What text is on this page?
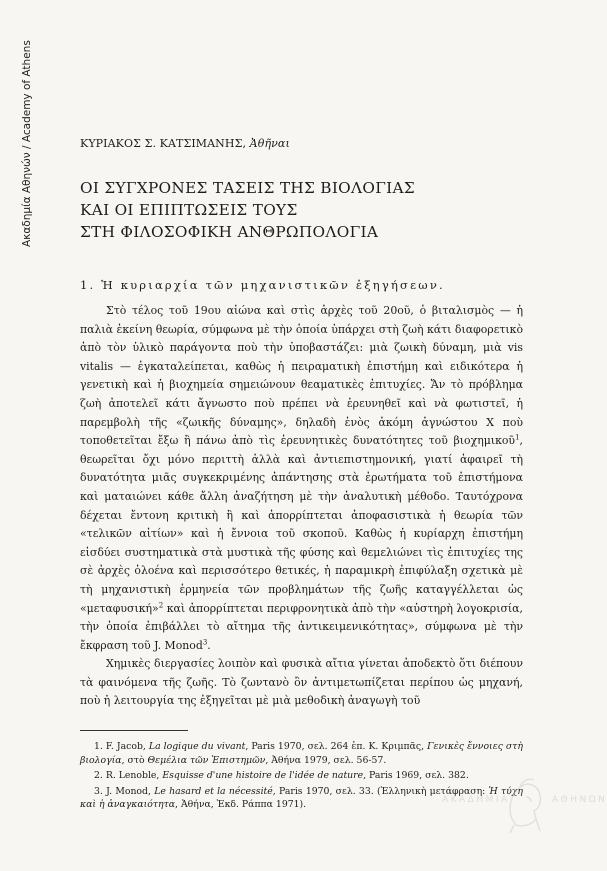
Ακαδημία Αθηνών / Academy of Athens	ΚΥΡΙΑΚΟΣ Σ. ΚΑΤΣΙΜΑΝΗΣ, Ἀθῆναι
ΟΙ ΣΥΓΧΡΟΝΕΣ ΤΑΣΕΙΣ ΤΗΣ ΒΙΟΛΟΓΙΑΣ
ΚΑΙ ΟΙ ΕΠΙΠΤΩΣΕΙΣ ΤΟΥΣ
ΣΤΗ ΦΙΛΟΣΟΦΙΚΗ ΑΝΘΡΩΠΟΛΟΓΙΑ
1. Ἡ κυριαρχία τῶν μηχανιστικῶν ἐξηγήσεων.

Στὸ τέλος τοῦ 19ου αἰώνα καὶ στὶς ἀρχὲς τοῦ 20οῦ, ὁ βιταλισμὸς — ἡ παλιὰ ἐκείνη θεωρία, σύμφωνα μὲ τὴν ὁποία ὑπάρχει στὴ ζωὴ κάτι διαφορετικὸ ἀπὸ τὸν ὑλικὸ παράγοντα ποὺ τὴν ὑποβαστάζει: μιὰ ζωικὴ δύναμη, μιὰ vis vitalis — ἐγκαταλείπεται, καθὼς ἡ πειραματικὴ ἐπιστήμη καὶ ειδικότερα ἡ γενετικὴ καὶ ἡ βιοχημεία σημειώνουν θεαματικὲς ἐπιτυχίες. Ἄν τὸ πρόβλημα ζωὴ ἀποτελεῖ κάτι ἄγνωστο ποὺ πρέπει νὰ ἐρευνηθεῖ καὶ νὰ φωτιστεῖ, ἡ παρεμβολὴ τῆς «ζωικῆς δύναμης», δηλαδὴ ἑνὸς ἀκόμη ἀγνώστου Χ ποὺ τοποθετεῖται ἔξω ἢ πάνω ἀπὸ τὶς ἐρευνητικὲς δυνατότητες τοῦ βιοχημικοῦ$^1$, θεωρεῖται ὄχι μόνο περιττὴ ἀλλὰ καὶ ἀντιεπιστημονική, γιατί ἀφαιρεῖ τὴ δυνατότητα μιᾶς συγκεκριμένης ἀπάντησης στὰ ἐρωτήματα τοῦ ἐπιστήμονα καὶ ματαιώνει κάθε ἄλλη ἀναζήτηση μὲ τὴν ἀναλυτικὴ μέθοδο. Ταυτόχρονα δέχεται ἔντονη κριτικὴ ἢ καὶ ἀπορρίπτεται ἀποφασιστικὰ ἡ θεωρία τῶν «τελικῶν αἰτίων» καὶ ἡ ἔννοια τοῦ σκοποῦ. Καθὼς ἡ κυρίαρχη ἐπιστήμη εἰσδύει συστηματικὰ στὰ μυστικὰ τῆς φύσης καὶ θεμελιώνει τὶς ἐπιτυχίες της σὲ ἀρχὲς ὁλοένα καὶ περισσότερο θετικές, ἡ παραμικρὴ ἐπιφύλαξη σχετικὰ μὲ τὴ μηχανιστικὴ ἑρμηνεία τῶν προβλημάτων τῆς ζωῆς καταγγέλλεται ὡς «μεταφυσική»$^2$ καὶ ἀπορρίπτεται περιφρονητικὰ ἀπὸ τὴν «αὐστηρὴ λογοκρισία, τὴν ὁποία ἐπιβάλλει τὸ αἴτημα τῆς ἀντικειμενικότητας», σύμφωνα μὲ τὴν ἔκφραση τοῦ J. Monod$^3$.

Χημικὲς διεργασίες λοιπὸν καὶ φυσικὰ αἴτια γίνεται ἀποδεκτὸ ὅτι διέπουν τὰ φαινόμενα τῆς ζωῆς. Τὸ ζωντανὸ ὂν ἀντιμετωπίζεται περίπου ὡς μηχανή, ποὺ ἡ λειτουργία της ἐξηγεῖται μὲ μιὰ μεθοδικὴ ἀναγωγὴ τοῦ

1. F. Jacob, La logique du vivant, Paris 1970, σελ. 264 ἑπ. Κ. Κριμπᾶς, Γενικὲς ἔννοιες στὴ βιολογία, στὸ Θεμέλια τῶν Ἐπιστημῶν, Ἀθήνα 1979, σελ. 56-57.

2. R. Lenoble, Esquisse d'une histoire de l'idée de nature, Paris 1969, σελ. 382.

3. J. Monod, Le hasard et la nécessité, Paris 1970, σελ. 33. (Ἑλληνικὴ μετάφραση: Ἡ τύχη καὶ ἡ ἀναγκαιότητα, Ἀθήνα, Ἐκδ. Ράππα 1971).	ΑΚΑΔΗΜΙΑ	ΑΘΗΝΩΝ
